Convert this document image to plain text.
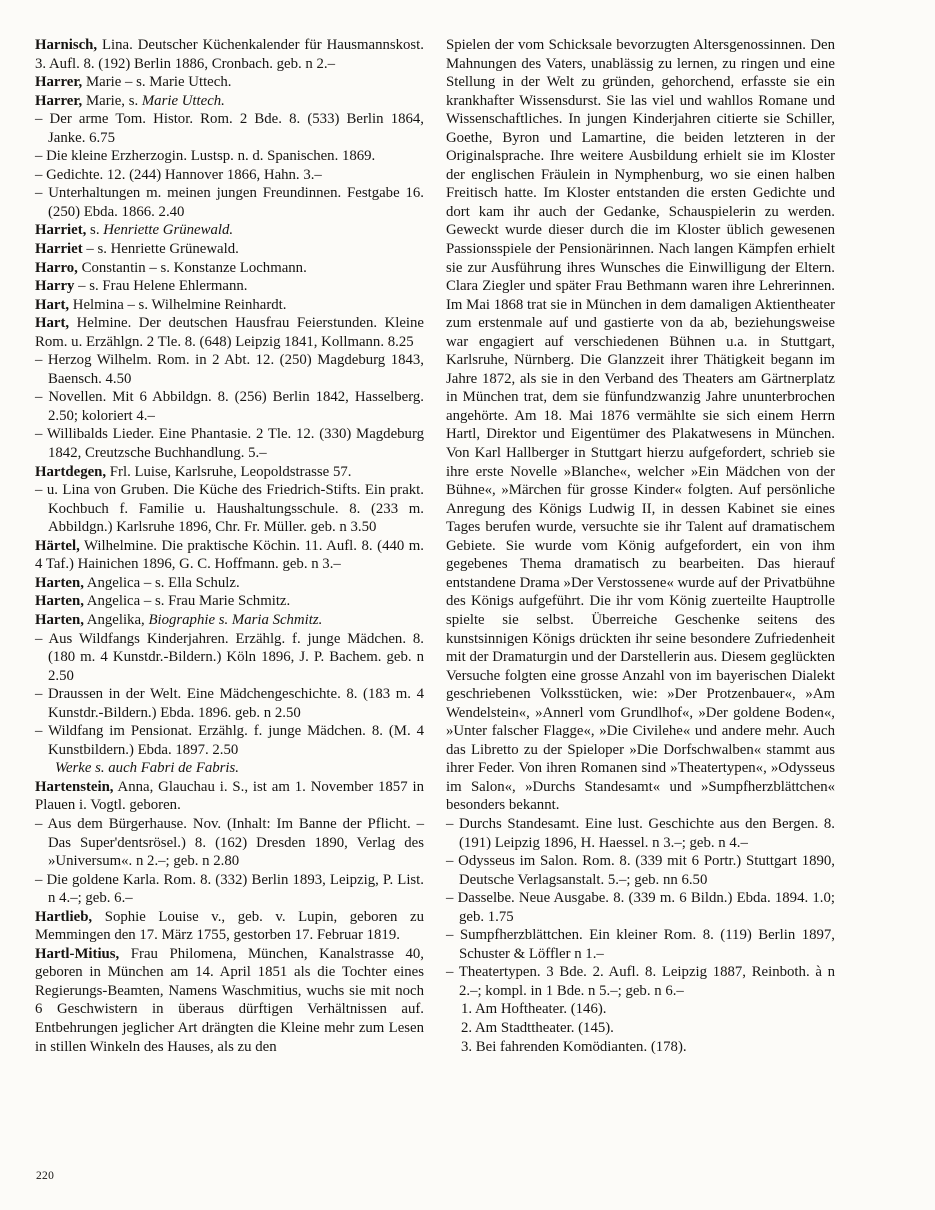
Harnisch, Lina. Deutscher Küchenkalender für Hausmannskost. 3. Aufl. 8. (192) Berlin 1886, Cronbach. geb. n 2.–

Harrer, Marie – s. Marie Uttech.

Harrer, Marie, s. Marie Uttech.

– Der arme Tom. Histor. Rom. 2 Bde. 8. (533) Berlin 1864, Janke. 6.75

– Die kleine Erzherzogin. Lustsp. n. d. Spanischen. 1869.

– Gedichte. 12. (244) Hannover 1866, Hahn. 3.–

– Unterhaltungen m. meinen jungen Freundinnen. Festgabe 16. (250) Ebda. 1866. 2.40

Harriet, s. Henriette Grünewald.

Harriet – s. Henriette Grünewald.

Harro, Constantin – s. Konstanze Lochmann.

Harry – s. Frau Helene Ehlermann.

Hart, Helmina – s. Wilhelmine Reinhardt.

Hart, Helmine. Der deutschen Hausfrau Feierstunden. Kleine Rom. u. Erzählgn. 2 Tle. 8. (648) Leipzig 1841, Kollmann. 8.25

– Herzog Wilhelm. Rom. in 2 Abt. 12. (250) Magdeburg 1843, Baensch. 4.50

– Novellen. Mit 6 Abbildgn. 8. (256) Berlin 1842, Hasselberg. 2.50; koloriert 4.–

– Willibalds Lieder. Eine Phantasie. 2 Tle. 12. (330) Magdeburg 1842, Creutzsche Buchhandlung. 5.–

Hartdegen, Frl. Luise, Karlsruhe, Leopoldstrasse 57.

– u. Lina von Gruben. Die Küche des Friedrich-Stifts. Ein prakt. Kochbuch f. Familie u. Haushaltungsschule. 8. (233 m. Abbildgn.) Karlsruhe 1896, Chr. Fr. Müller. geb. n 3.50

Härtel, Wilhelmine. Die praktische Köchin. 11. Aufl. 8. (440 m. 4 Taf.) Hainichen 1896, G. C. Hoffmann. geb. n 3.–

Harten, Angelica – s. Ella Schulz.

Harten, Angelica – s. Frau Marie Schmitz.

Harten, Angelika, Biographie s. Maria Schmitz.

– Aus Wildfangs Kinderjahren. Erzählg. f. junge Mädchen. 8. (180 m. 4 Kunstdr.-Bildern.) Köln 1896, J. P. Bachem. geb. n 2.50

– Draussen in der Welt. Eine Mädchengeschichte. 8. (183 m. 4 Kunstdr.-Bildern.) Ebda. 1896. geb. n 2.50

– Wildfang im Pensionat. Erzählg. f. junge Mädchen. 8. (M. 4 Kunstbildern.) Ebda. 1897. 2.50

Werke s. auch Fabri de Fabris.

Hartenstein, Anna, Glauchau i. S., ist am 1. November 1857 in Plauen i. Vogtl. geboren.

– Aus dem Bürgerhause. Nov. (Inhalt: Im Banne der Pflicht. – Das Super'dentsrösel.) 8. (162) Dresden 1890, Verlag des »Universum«. n 2.–; geb. n 2.80

– Die goldene Karla. Rom. 8. (332) Berlin 1893, Leipzig, P. List. n 4.–; geb. 6.–

Hartlieb, Sophie Louise v., geb. v. Lupin, geboren zu Memmingen den 17. März 1755, gestorben 17. Februar 1819.

Hartl-Mitius, Frau Philomena, München, Kanalstrasse 40, geboren in München am 14. April 1851 als die Tochter eines Regierungs-Beamten, Namens Waschmitius, wuchs sie mit noch 6 Geschwistern in überaus dürftigen Verhältnissen auf. Entbehrungen jeglicher Art drängten die Kleine mehr zum Lesen in stillen Winkeln des Hauses, als zu den

Spielen der vom Schicksale bevorzugten Altersgenossinnen. Den Mahnungen des Vaters, unablässig zu lernen, zu ringen und eine Stellung in der Welt zu gründen, gehorchend, erfasste sie ein krankhafter Wissensdurst. Sie las viel und wahllos Romane und Wissenschaftliches. In jungen Kinderjahren citierte sie Schiller, Goethe, Byron und Lamartine, die beiden letzteren in der Originalsprache. Ihre weitere Ausbildung erhielt sie im Kloster der englischen Fräulein in Nymphenburg, wo sie einen halben Freitisch hatte. Im Kloster entstanden die ersten Gedichte und dort kam ihr auch der Gedanke, Schauspielerin zu werden. Geweckt wurde dieser durch die im Kloster üblich gewesenen Passionsspiele der Pensionärinnen. Nach langen Kämpfen erhielt sie zur Ausführung ihres Wunsches die Einwilligung der Eltern. Clara Ziegler und später Frau Bethmann waren ihre Lehrerinnen. Im Mai 1868 trat sie in München in dem damaligen Aktientheater zum erstenmale auf und gastierte von da ab, beziehungsweise war engagiert auf verschiedenen Bühnen u.a. in Stuttgart, Karlsruhe, Nürnberg. Die Glanzzeit ihrer Thätigkeit begann im Jahre 1872, als sie in den Verband des Theaters am Gärtnerplatz in München trat, dem sie fünfundzwanzig Jahre ununterbrochen angehörte. Am 18. Mai 1876 vermählte sie sich einem Herrn Hartl, Direktor und Eigentümer des Plakatwesens in München. Von Karl Hallberger in Stuttgart hierzu aufgefordert, schrieb sie ihre erste Novelle »Blanche«, welcher »Ein Mädchen von der Bühne«, »Märchen für grosse Kinder« folgten. Auf persönliche Anregung des Königs Ludwig II, in dessen Kabinet sie eines Tages berufen wurde, versuchte sie ihr Talent auf dramatischem Gebiete. Sie wurde vom König aufgefordert, ein von ihm gegebenes Thema dramatisch zu bearbeiten. Das hierauf entstandene Drama »Der Verstossene« wurde auf der Privatbühne des Königs aufgeführt. Die ihr vom König zuerteilte Hauptrolle spielte sie selbst. Überreiche Geschenke seitens des kunstsinnigen Königs drückten ihr seine besondere Zufriedenheit mit der Dramaturgin und der Darstellerin aus. Diesem geglückten Versuche folgten eine grosse Anzahl von im bayerischen Dialekt geschriebenen Volksstücken, wie: »Der Protzenbauer«, »Am Wendelstein«, »Annerl vom Grundlhof«, »Der goldene Boden«, »Unter falscher Flagge«, »Die Civilehe« und andere mehr. Auch das Libretto zu der Spieloper »Die Dorfschwalben« stammt aus ihrer Feder. Von ihren Romanen sind »Theatertypen«, »Odysseus im Salon«, »Durchs Standesamt« und »Sumpfherzblättchen« besonders bekannt.

– Durchs Standesamt. Eine lust. Geschichte aus den Bergen. 8. (191) Leipzig 1896, H. Haessel. n 3.–; geb. n 4.–

– Odysseus im Salon. Rom. 8. (339 mit 6 Portr.) Stuttgart 1890, Deutsche Verlagsanstalt. 5.–; geb. nn 6.50

– Dasselbe. Neue Ausgabe. 8. (339 m. 6 Bildn.) Ebda. 1894. 1.0; geb. 1.75

– Sumpfherzblättchen. Ein kleiner Rom. 8. (119) Berlin 1897, Schuster & Löffler n 1.–

– Theatertypen. 3 Bde. 2. Aufl. 8. Leipzig 1887, Reinboth. à n 2.–; kompl. in 1 Bde. n 5.–; geb. n 6.–

1. Am Hoftheater. (146).

2. Am Stadttheater. (145).

3. Bei fahrenden Komödianten. (178).

220
